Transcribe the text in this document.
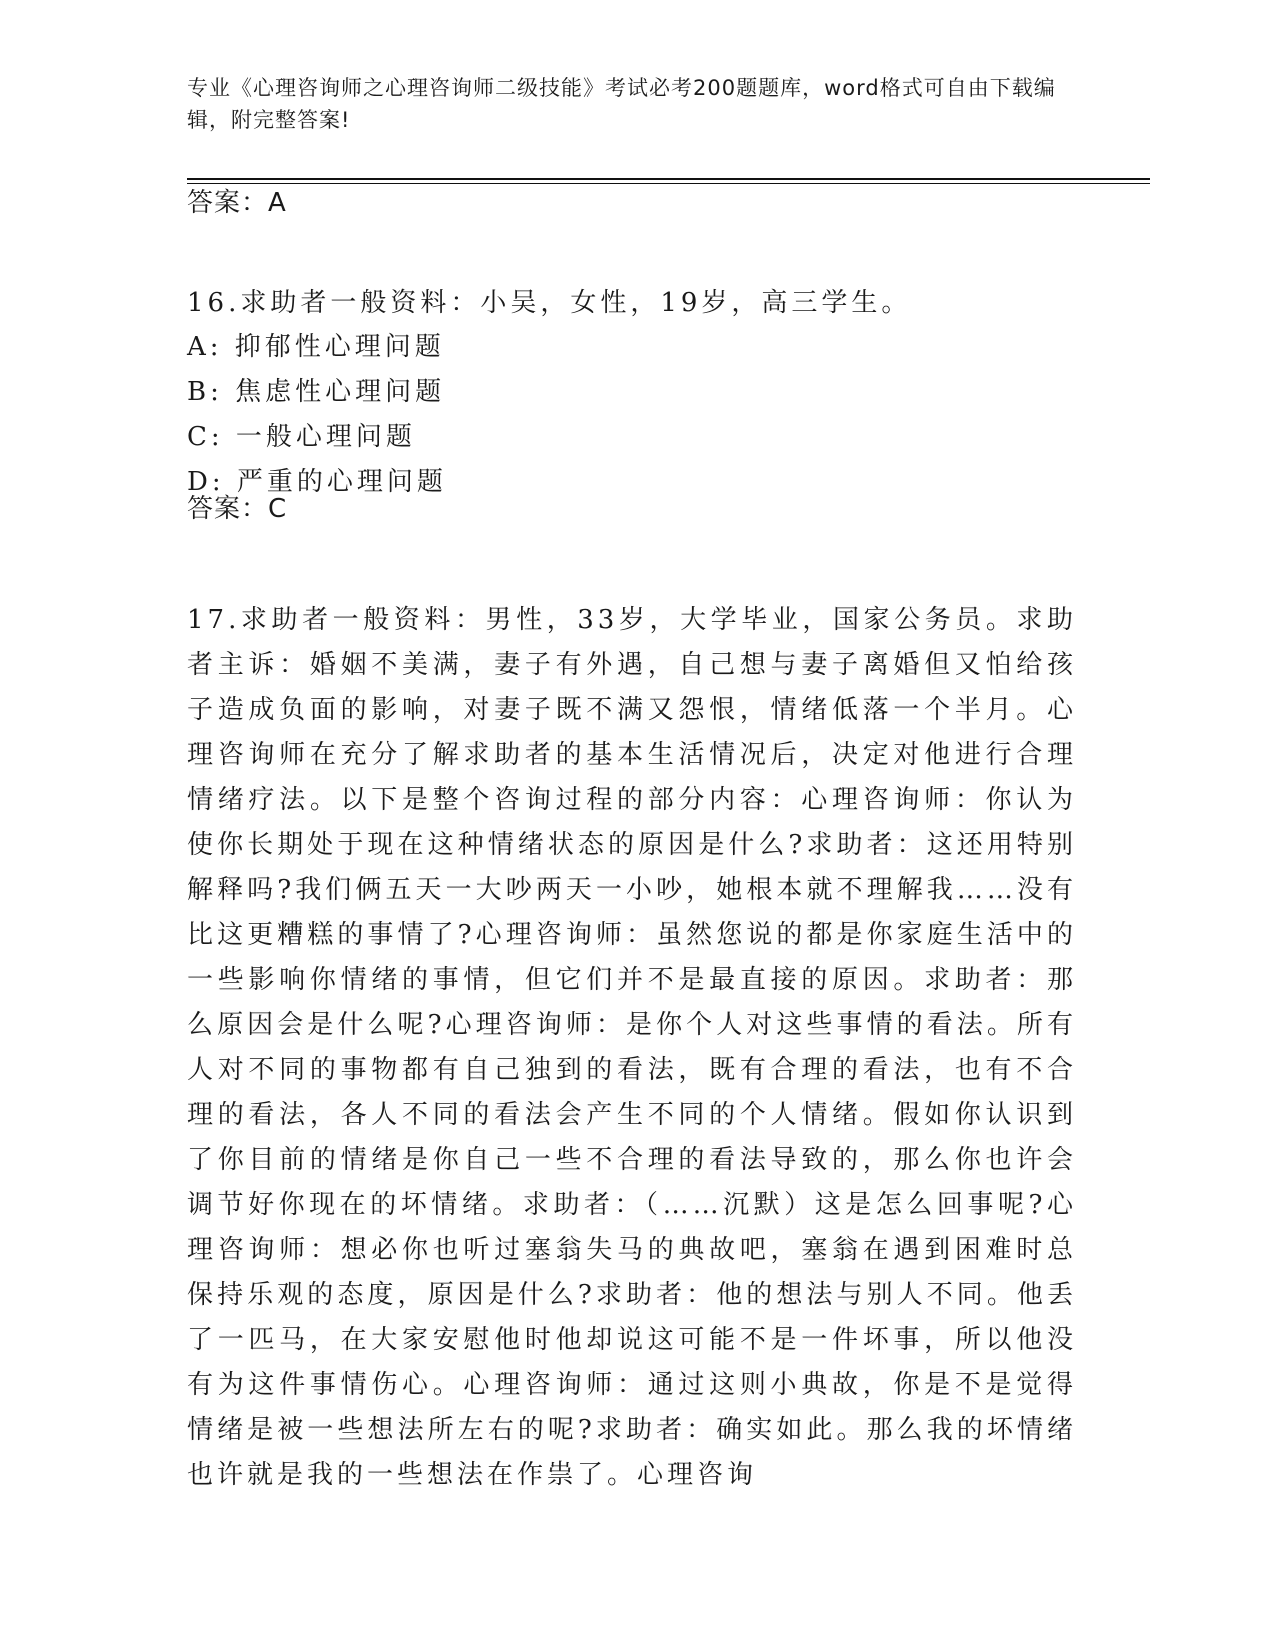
专业《心理咨询师之心理咨询师二级技能》考试必考200题题库，word格式可自由下载编辑，附完整答案!
答案：A
16.求助者一般资料：小吴，女性，19岁，高三学生。
A: 抑郁性心理问题
B: 焦虑性心理问题
C: 一般心理问题
D: 严重的心理问题
答案：C
17.求助者一般资料：男性，33岁，大学毕业，国家公务员。求助者主诉：婚姻不美满，妻子有外遇，自己想与妻子离婚但又怕给孩子造成负面的影响，对妻子既不满又怨恨，情绪低落一个半月。心理咨询师在充分了解求助者的基本生活情况后，决定对他进行合理情绪疗法。以下是整个咨询过程的部分内容：心理咨询师：你认为使你长期处于现在这种情绪状态的原因是什么?求助者：这还用特别解释吗?我们俩五天一大吵两天一小吵，她根本就不理解我……没有比这更糟糕的事情了?心理咨询师：虽然您说的都是你家庭生活中的一些影响你情绪的事情，但它们并不是最直接的原因。求助者：那么原因会是什么呢?心理咨询师：是你个人对这些事情的看法。所有人对不同的事物都有自己独到的看法，既有合理的看法，也有不合理的看法，各人不同的看法会产生不同的个人情绪。假如你认识到了你目前的情绪是你自己一些不合理的看法导致的，那么你也许会调节好你现在的坏情绪。求助者：（……沉默）这是怎么回事呢?心理咨询师：想必你也听过塞翁失马的典故吧，塞翁在遇到困难时总保持乐观的态度，原因是什么?求助者：他的想法与别人不同。他丢了一匹马，在大家安慰他时他却说这可能不是一件坏事，所以他没有为这件事情伤心。心理咨询师：通过这则小典故，你是不是觉得情绪是被一些想法所左右的呢?求助者：确实如此。那么我的坏情绪也许就是我的一些想法在作祟了。心理咨询
